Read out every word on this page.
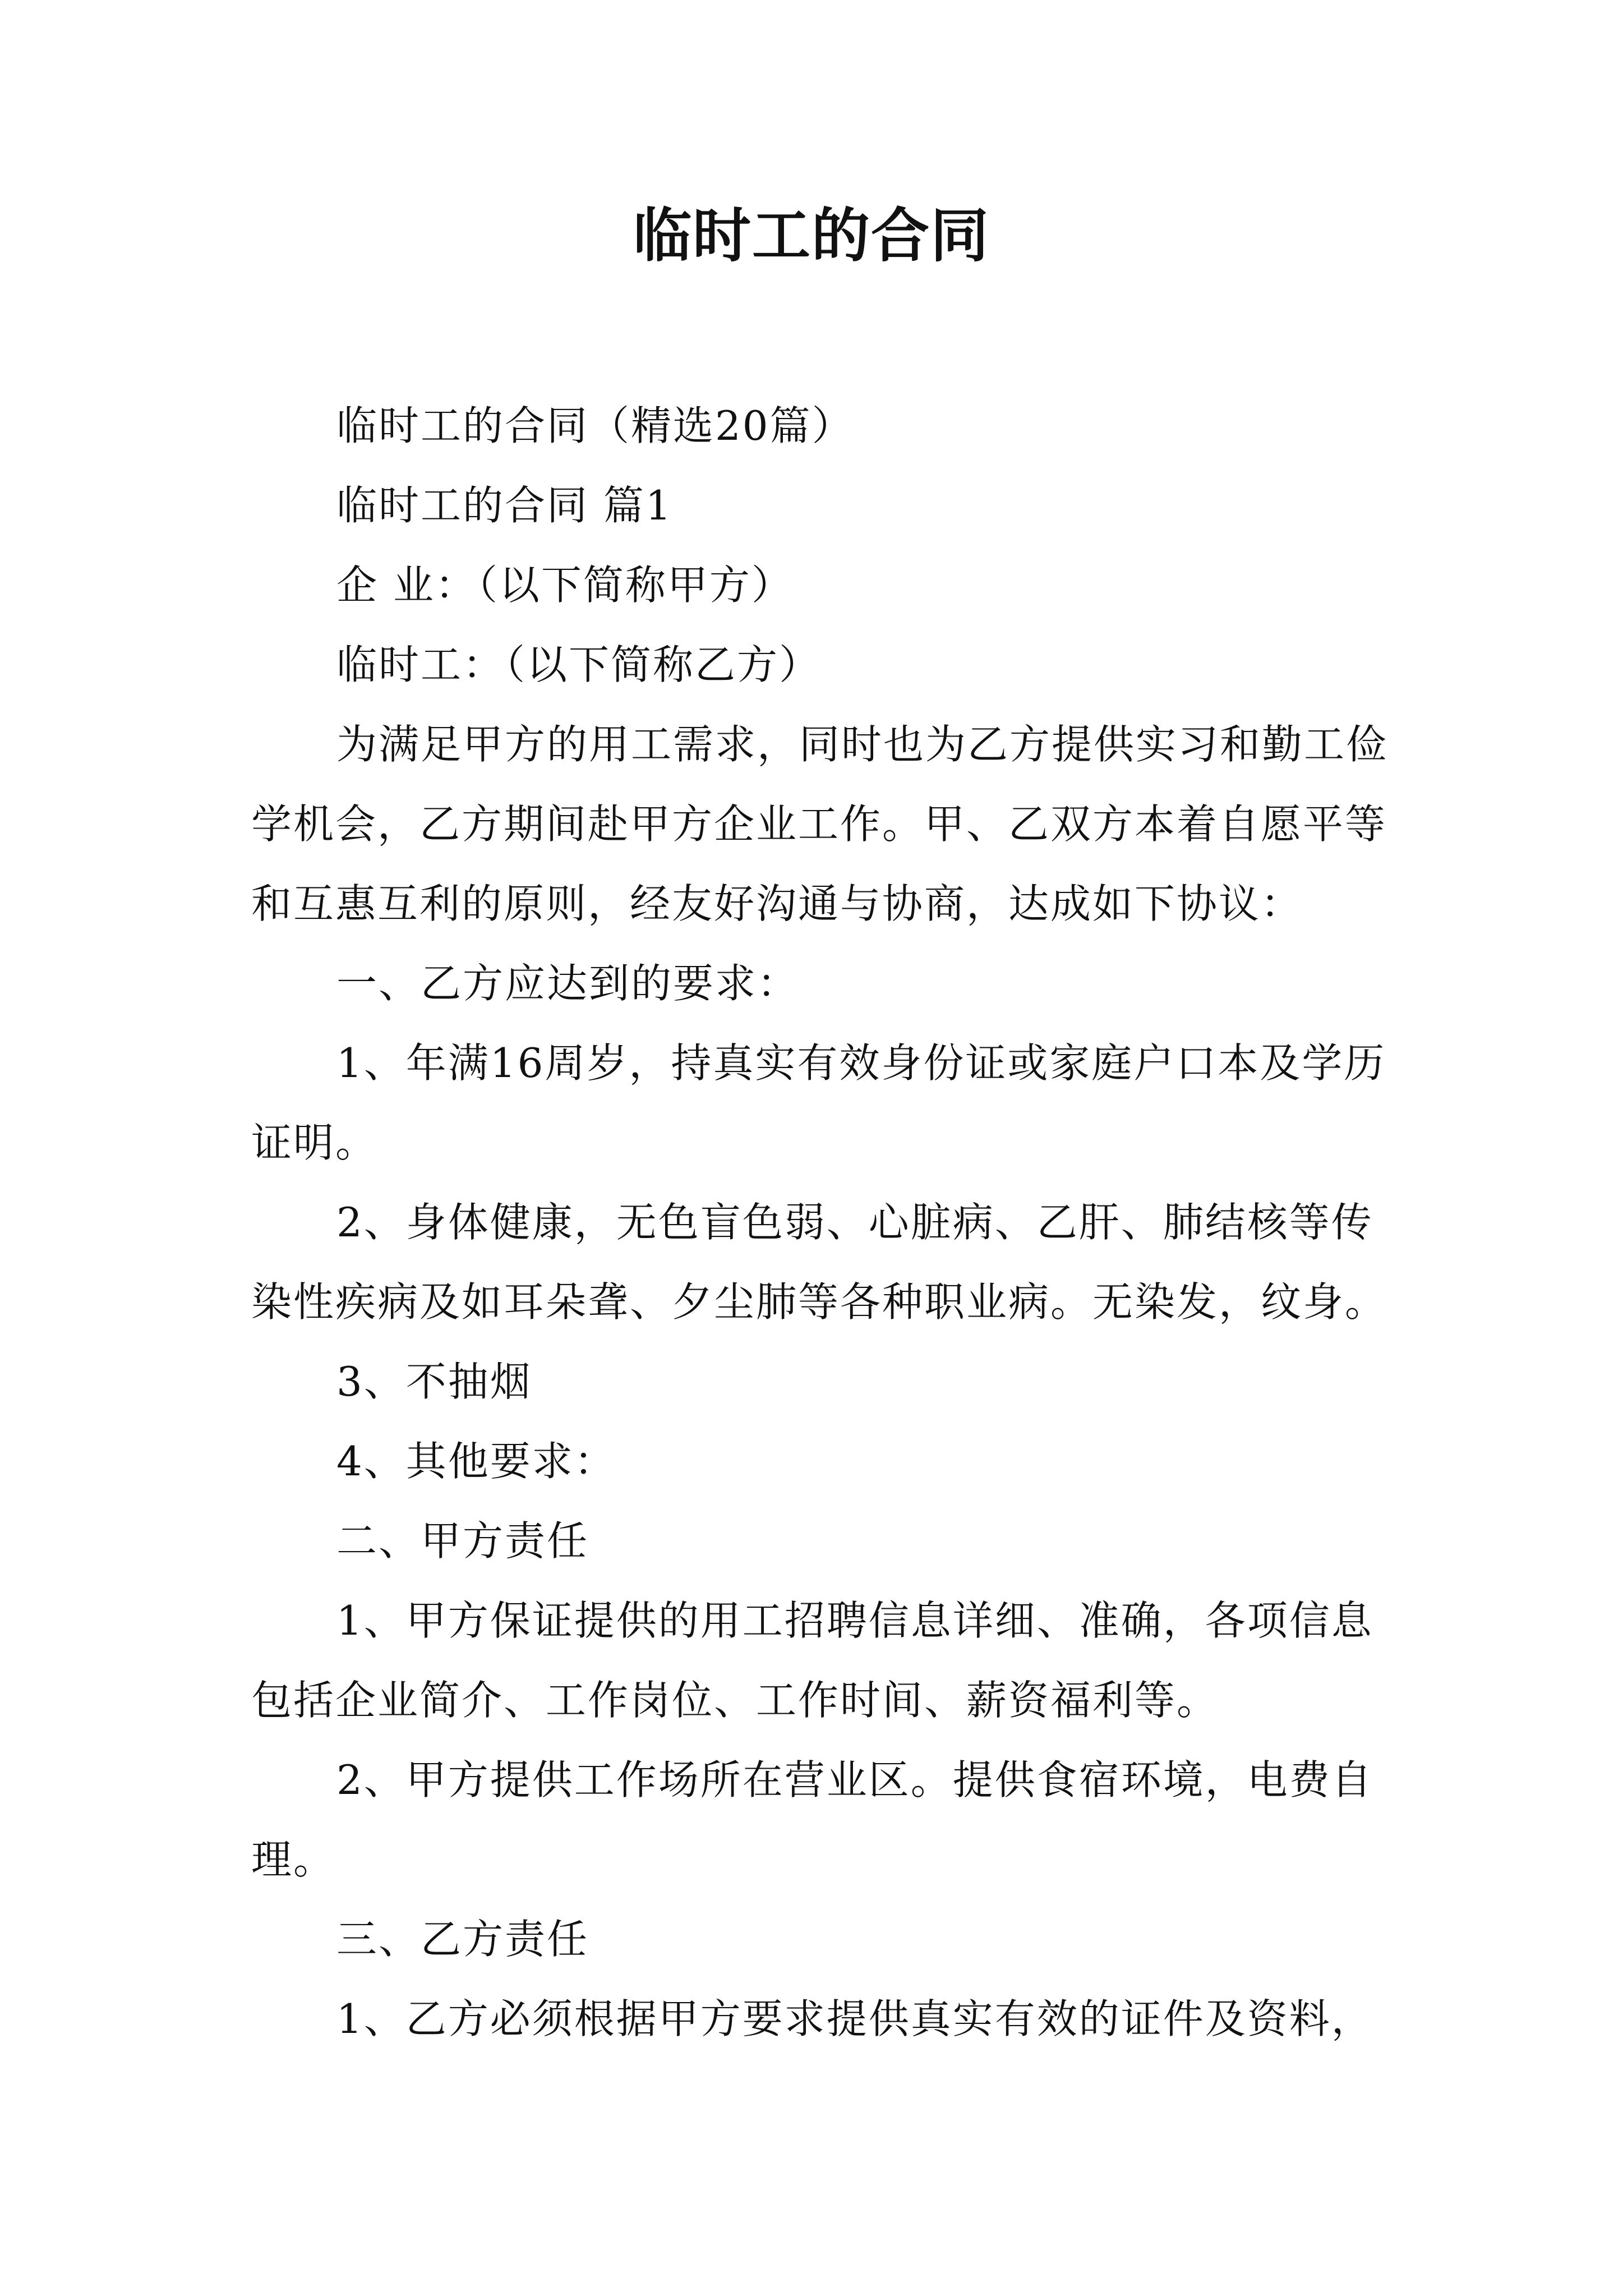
临时工的合同

临时工的合同（精选20篇）

临时工的合同 篇1

企 业：（以下简称甲方）

临时工：（以下简称乙方）

为满足甲方的用工需求，同时也为乙方提供实习和勤工俭学机会，乙方期间赴甲方企业工作。甲、乙双方本着自愿平等和互惠互利的原则，经友好沟通与协商，达成如下协议：

一、乙方应达到的要求：

1、年满16周岁，持真实有效身份证或家庭户口本及学历证明。

2、身体健康，无色盲色弱、心脏病、乙肝、肺结核等传染性疾病及如耳朵聋、夕尘肺等各种职业病。无染发，纹身。

3、不抽烟

4、其他要求：

二、甲方责任

1、甲方保证提供的用工招聘信息详细、准确，各项信息包括企业简介、工作岗位、工作时间、薪资福利等。

2、甲方提供工作场所在营业区。提供食宿环境，电费自理。

三、乙方责任

1、乙方必须根据甲方要求提供真实有效的证件及资料，
